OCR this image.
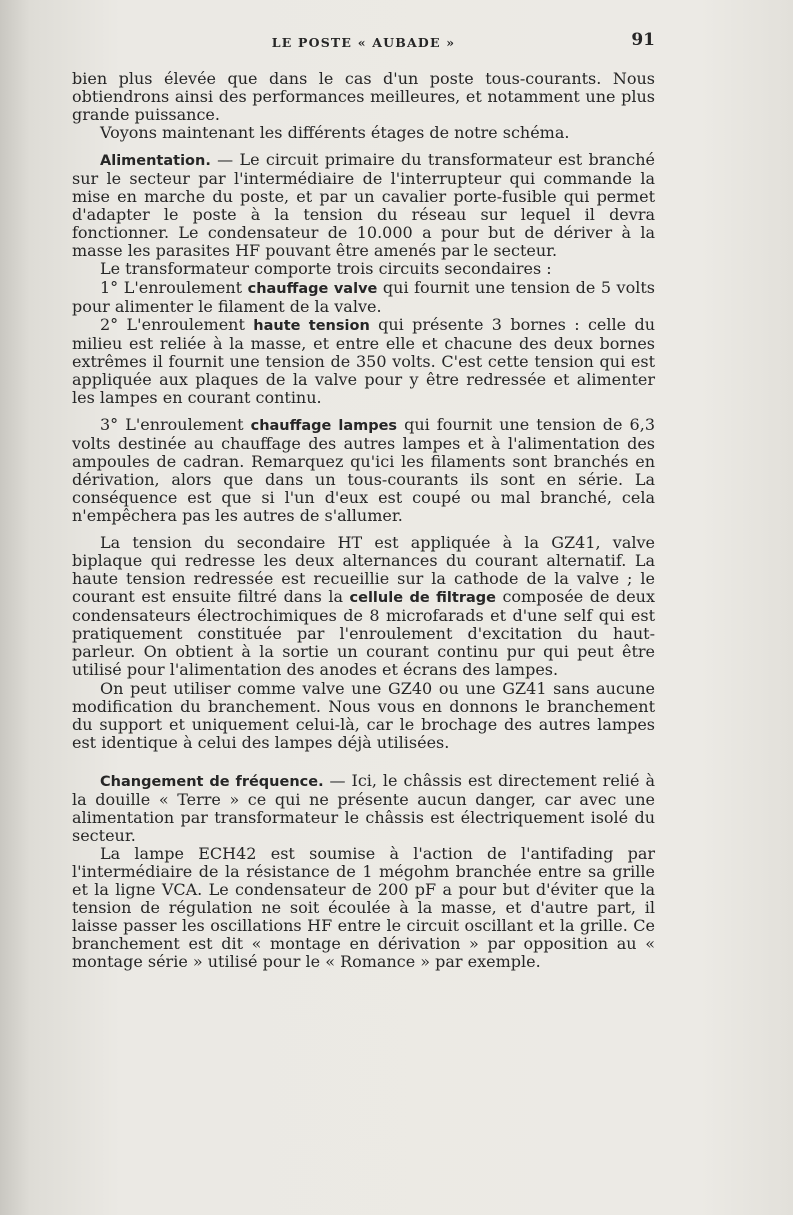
LE POSTE « AUBADE »	91

bien plus élevée que dans le cas d'un poste tous-courants. Nous obtiendrons ainsi des performances meilleures, et notamment une plus grande puissance.

Voyons maintenant les différents étages de notre schéma.

Alimentation. — Le circuit primaire du transformateur est branché sur le secteur par l'intermédiaire de l'interrupteur qui commande la mise en marche du poste, et par un cavalier porte-fusible qui permet d'adapter le poste à la tension du réseau sur lequel il devra fonctionner. Le condensateur de 10.000 a pour but de dériver à la masse les parasites HF pouvant être amenés par le secteur.

Le transformateur comporte trois circuits secondaires :

1° L'enroulement chauffage valve qui fournit une tension de 5 volts pour alimenter le filament de la valve.

2° L'enroulement haute tension qui présente 3 bornes : celle du milieu est reliée à la masse, et entre elle et chacune des deux bornes extrêmes il fournit une tension de 350 volts. C'est cette tension qui est appliquée aux plaques de la valve pour y être redressée et alimenter les lampes en courant continu.

3° L'enroulement chauffage lampes qui fournit une tension de 6,3 volts destinée au chauffage des autres lampes et à l'alimentation des ampoules de cadran. Remarquez qu'ici les filaments sont branchés en dérivation, alors que dans un tous-courants ils sont en série. La conséquence est que si l'un d'eux est coupé ou mal branché, cela n'empêchera pas les autres de s'allumer.

La tension du secondaire HT est appliquée à la GZ41, valve biplaque qui redresse les deux alternances du courant alternatif. La haute tension redressée est recueillie sur la cathode de la valve ; le courant est ensuite filtré dans la cellule de filtrage composée de deux condensateurs électrochimiques de 8 microfarads et d'une self qui est pratiquement constituée par l'enroulement d'excitation du haut-parleur. On obtient à la sortie un courant continu pur qui peut être utilisé pour l'alimentation des anodes et écrans des lampes.

On peut utiliser comme valve une GZ40 ou une GZ41 sans aucune modification du branchement. Nous vous en donnons le branchement du support et uniquement celui-là, car le brochage des autres lampes est identique à celui des lampes déjà utilisées.

Changement de fréquence. — Ici, le châssis est directement relié à la douille « Terre » ce qui ne présente aucun danger, car avec une alimentation par transformateur le châssis est électriquement isolé du secteur.

La lampe ECH42 est soumise à l'action de l'antifading par l'intermédiaire de la résistance de 1 mégohm branchée entre sa grille et la ligne VCA. Le condensateur de 200 pF a pour but d'éviter que la tension de régulation ne soit écoulée à la masse, et d'autre part, il laisse passer les oscillations HF entre le circuit oscillant et la grille. Ce branchement est dit « montage en dérivation » par opposition au « montage série » utilisé pour le « Romance » par exemple.
